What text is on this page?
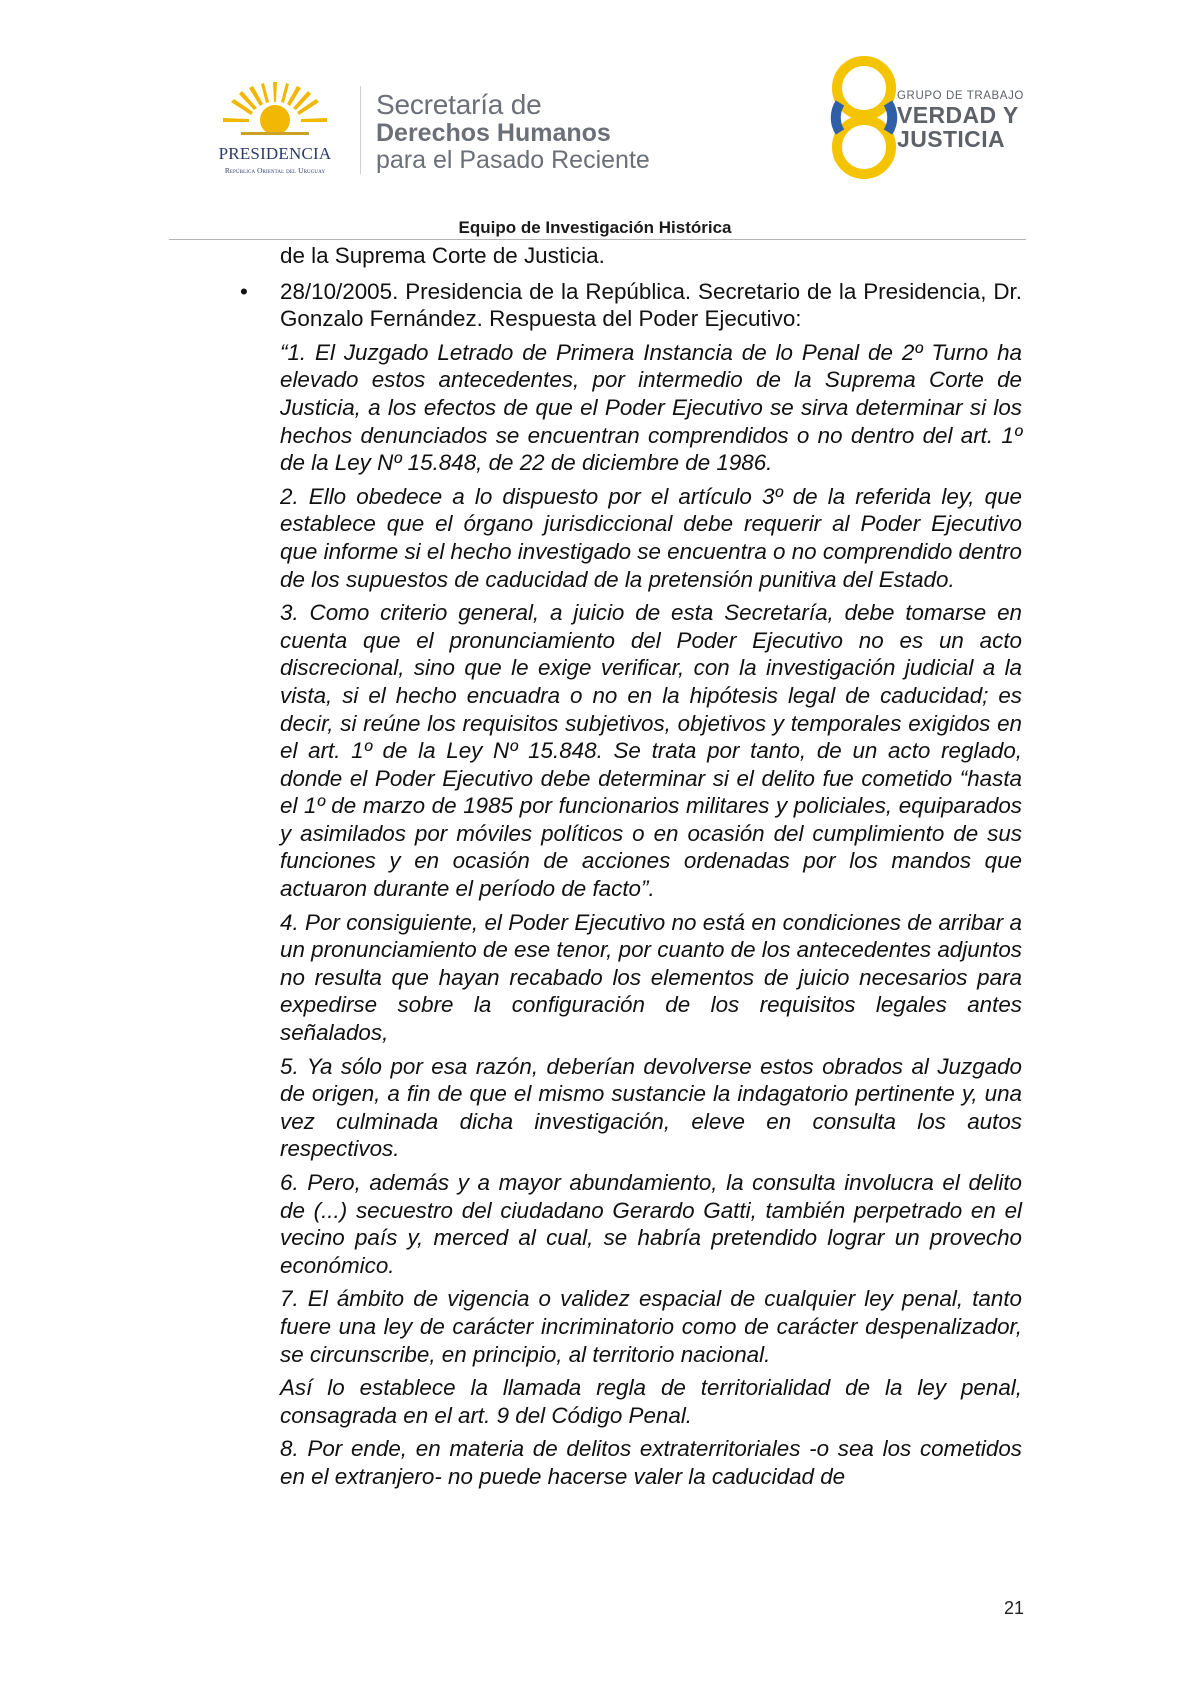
PRESIDENCIA
República Oriental del Uruguay
Secretaría de
Derechos Humanos
para el Pasado Reciente
GRUPO DE TRABAJO
VERDAD Y
JUSTICIA
Equipo de Investigación Histórica

de la Suprema Corte de Justicia.

• 28/10/2005. Presidencia de la República. Secretario de la Presidencia, Dr. Gonzalo Fernández. Respuesta del Poder Ejecutivo:

“1. El Juzgado Letrado de Primera Instancia de lo Penal de 2º Turno ha elevado estos antecedentes, por intermedio de la Suprema Corte de Justicia, a los efectos de que el Poder Ejecutivo se sirva determinar si los hechos denunciados se encuentran comprendidos o no dentro del art. 1º de la Ley Nº 15.848, de 22 de diciembre de 1986.

2. Ello obedece a lo dispuesto por el artículo 3º de la referida ley, que establece que el órgano jurisdiccional debe requerir al Poder Ejecutivo que informe si el hecho investigado se encuentra o no comprendido dentro de los supuestos de caducidad de la pretensión punitiva del Estado.

3. Como criterio general, a juicio de esta Secretaría, debe tomarse en cuenta que el pronunciamiento del Poder Ejecutivo no es un acto discrecional, sino que le exige verificar, con la investigación judicial a la vista, si el hecho encuadra o no en la hipótesis legal de caducidad; es decir, si reúne los requisitos subjetivos, objetivos y temporales exigidos en el art. 1º de la Ley Nº 15.848. Se trata por tanto, de un acto reglado, donde el Poder Ejecutivo debe determinar si el delito fue cometido “hasta el 1º de marzo de 1985 por funcionarios militares y policiales, equiparados y asimilados por móviles políticos o en ocasión del cumplimiento de sus funciones y en ocasión de acciones ordenadas por los mandos que actuaron durante el período de facto”.

4. Por consiguiente, el Poder Ejecutivo no está en condiciones de arribar a un pronunciamiento de ese tenor, por cuanto de los antecedentes adjuntos no resulta que hayan recabado los elementos de juicio necesarios para expedirse sobre la configuración de los requisitos legales antes señalados,

5. Ya sólo por esa razón, deberían devolverse estos obrados al Juzgado de origen, a fin de que el mismo sustancie la indagatorio pertinente y, una vez culminada dicha investigación, eleve en consulta los autos respectivos.

6. Pero, además y a mayor abundamiento, la consulta involucra el delito de (...) secuestro del ciudadano Gerardo Gatti, también perpetrado en el vecino país y, merced al cual, se habría pretendido lograr un provecho económico.

7. El ámbito de vigencia o validez espacial de cualquier ley penal, tanto fuere una ley de carácter incriminatorio como de carácter despenalizador, se circunscribe, en principio, al territorio nacional.

Así lo establece la llamada regla de territorialidad de la ley penal, consagrada en el art. 9 del Código Penal.

8. Por ende, en materia de delitos extraterritoriales -o sea los cometidos en el extranjero- no puede hacerse valer la caducidad de

21
